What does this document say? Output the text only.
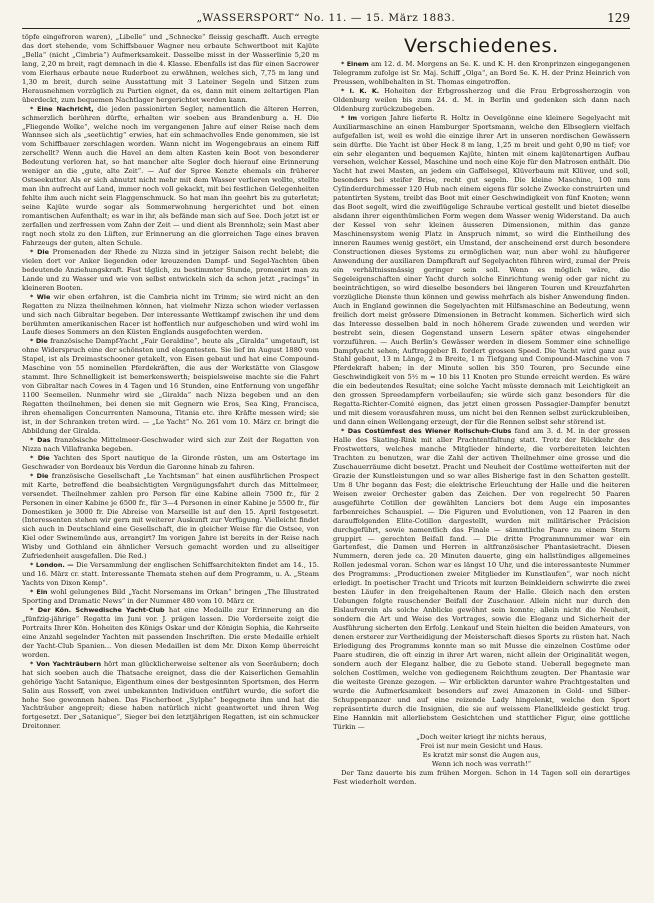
„WASSERSPORT“ No. 11. — 15. März 1883.	129

töpfe eingefroren waren), „Libelle“ und „Schnecke“ fleissig geschafft. Auch erregte das dort stehende, vom Schiffsbauer Wagner neu erbaute Schwertboot mit Kajüte „Bella“ (nicht „Cimbria“) Aufmerksamkeit. Dasselbe misst in der Wasserlinie 5,20 m lang, 2,20 m breit, ragt demnach in die 4. Klasse. Ebenfalls ist das für einen Sacrower vom Eierhaus erbaute neue Ruderboot zu erwähnen, welches sich, 7,75 m lang und 1,30 m breit, durch seine Ausstattung mit 3 Lateiner Segeln und Sitzen zum Herausnehmen vorzüglich zu Partien eignet, da es, dann mit einem zeltartigen Plan überdeckt, zum bequemen Nachtlager hergerichtet werden kann.

* Eine Nachricht, die jeden passionirten Segler, namentlich die älteren Herren, schmerzlich berühren dürfte, erhalten wir soeben aus Brandenburg a. H. Die „Fliegende Wolke“, welche noch im vergangenen Jahre auf einer Reise nach dem Wannsee sich als „seetüchtig“ erwies, hat ein schmachvolles Ende genommen, sie ist vom Schiffbauer zerschlagen worden. Wann nicht im Wogengebraus an einem Riff zerschellt? Wenn auch die Havel an dem alten Kasten kein Boot von besonderer Bedeutung verloren hat, so hat mancher alte Segler doch hierauf eine Erinnerung weniger an die „gute, alte Zeit“. — Auf der Spree Kenzte ehemals ein früherer Ostseekutter. Als er sich abnutzt nicht mehr mit dem Wasser verlieren wollte, stellte man ihn aufrecht auf Land, immer noch voll gekackt, mit bei festlichen Gelegenheiten fehlte ihm auch nicht sein Flaggenschmuck. So hat man ihn geehrt bis zu guterletzt; seine Kajüte wurde sogar als Sommerwohnung hergerichtet und bot einen romantischen Aufenthalt; es war in ihr, als befände man sich auf See. Doch jetzt ist er zerfallen und zerfressen vom Zahn der Zeit — und dient als Brennholz; sein Mast aber ragt noch stolz zu den Lüften, zur Erinnerung an die glorreichen Tage eines braven Fahrzeugs der guten, alten Schule.

* Die Promenaden der Rhede zu Nizza sind in jetziger Saison recht belebt; die vielen dort vor Anker liegenden oder kreuzenden Dampf- und Segel-Yachten üben bedeutende Anziehungskraft. Fast täglich, zu bestimmter Stunde, promenirt man zu Lande und zu Wasser und wie von selbst entwickeln sich da schon jetzt „racings“ in kleineren Booten.

* Wie wir eben erfahren, ist die Cambria nicht im Trimm; sie wird nicht an den Regatten zu Nizza theilnehmen können, hat vielmehr Nizza schon wieder verlassen und sich nach Gibraltar begeben. Der interessante Wettkampf zwischen ihr und dem berühmten amerikanischen Racer ist hoffentlich nur aufgeschoben und wird wohl im Laufe dieses Sommers an den Küsten Englands ausgefochten werden.

* Die französische Dampf-Yacht „Fair Geraldine“, heute als „Giralda“ umgetauft, ist ohne Widerspruch eine der schönsten und elegantesten. Sie lief im August 1880 vom Stapel, ist als Dreimastschooner getakelt, von Eisen gebaut und hat eine Compound-Maschine von 55 nominellen Pferdekräften, die aus der Werkstätte von Glasgow stammt. Ihre Schnelligkeit ist bemerkenswerth; beispielsweise machte sie die Fahrt von Gibraltar nach Cowes in 4 Tagen und 16 Stunden, eine Entfernung von ungefähr 1100 Seemeilen. Nunmehr wird sie „Giralda“ nach Nizza begeben und an den Regatten theilnehmen, bei denen sie mit Gegnern wie Eros, Sea King, Francisca, ihren ehemaligen Concurrenten Namouna, Titania etc. ihre Kräfte messen wird; sie ist, in der Schranken treten wird. — „Le Yacht“ No. 261 vom 10. März cr. bringt die Abbildung der Giralda.

* Das französische Mittelmeer-Geschwader wird sich zur Zeit der Regatten von Nizza nach Villafranka begeben.

* Die Yachten des Sport nautique de la Gironde rüsten, um am Ostertage im Geschwader von Bordeaux bis Verdun die Garonne hinab zu fahren.

* Die französische Gesellschaft „Le Yachtsman“ hat einen ausführlichen Prospect mit Karte, betreffend die beabsichtigten Vergnügungsfahrt durch das Mittelmeer, versendet. Theilnehmer zahlen pro Person für eine Kabine allein 7500 fr., für 2 Personen in einer Kabine je 6500 fr., für 3—4 Personen in einer Kabine je 5500 fr., für Domestiken je 3000 fr. Die Abreise von Marseille ist auf den 15. April festgesetzt. (Interessenten stehen wir gern mit weiterer Auskunft zur Verfügung. Vielleicht findet sich auch in Deutschland eine Gesellschaft, die in gleicher Weise für die Ostsee, von Kiel oder Swinemünde aus, arrangirt? Im vorigen Jahre ist bereits in der Reise nach Wisby und Gothland ein ähnlicher Versuch gemacht worden und zu allseitiger Zufriedenheit ausgefallen. Die Red.)

* London. — Die Versammlung der englischen Schiffsarchitekten findet am 14., 15. und 16. März cr. statt. Interessante Themata stehen auf dem Programm, u. A. „Steam Yachts von Dixon Kemp“.

* Ein wohl gelungenes Bild „Yacht Norsemans im Orkan“ bringen „The Illustrated Sporting and Dramatic News“ in der Nummer 480 vom 10. März cr.

* Der Kön. Schwedische Yacht-Club hat eine Medaille zur Erinnerung an die „fünfzig-jährige“ Regatta im Juni vor. J. prägen lassen. Die Vorderseite zeigt die Portraits Ihrer Kön. Hoheiten des Königs Oskar und der Königin Sophia, die Kehrseite eine Anzahl segelnder Yachten mit passenden Inschriften. Die erste Medaille erhielt der Yacht-Club Spanien... Von diesen Medaillen ist dem Mr. Dixon Kemp überreicht worden.

* Von Yachträubern hört man glücklicherweise seltener als von Seeräubern; doch hat sich soeben auch die Thatsache ereignet, dass die der Kaiserlichen Gemahlin gehörige Yacht Satanique, Eigenthum eines der bestgesinnten Sportsmen, des Herrn Salin aus Rosseff, von zwei unbekannten Individuen entführt wurde, die sofort die hohe See gewonnen haben. Das Fischerboot „Sylphe“ begegnete ihm und hat die Yachträuber angepreit; diese haben natürlich nicht geantwortet und ihren Weg fortgesetzt. Der „Satanique“, Sieger bei den letztjährigen Regatten, ist ein schmucker Dreitonner.

Verschiedenes.

* Einem am 12. d. M. Morgens an Se. K. und K. H. den Kronprinzen eingegangenen Telegramm zufolge ist Sr. Maj. Schiff „Olga“, an Bord Se. K. H. der Prinz Heinrich von Preussen, wohlbehalten in St. Thomas eingetroffen.

* I. K. K. Hoheiten der Erbgrossherzog und die Frau Erbgrossherzogin von Oldenburg weilen bis zum 24. d. M. in Berlin und gedenken sich dann nach Oldenburg zurückzubegeben.

* Im vorigen Jahre lieferte R. Holtz in Oevelgönne eine kleinere Segelyacht mit Auxiliarmaschine an einen Hamburger Sportsmann, welche den Elbseglern vielfach aufgefallen ist, weil es wohl die einzige ihrer Art in unseren nordischen Gewässern sein dürfte. Die Yacht ist über Heck 8 m lang, 1,25 m breit und geht 0,90 m tief; vor ein sehr eleganten und bequemen Kajüte, hinten mit einem kajütenartigen Aufbau versehen, welcher Kessel, Maschine und noch eine Koje für den Matrosen enthält. Die Yacht hat zwei Masten, an jedem ein Gaffelsegel, Klüverbaum mit Klüver, und soll, besonders bei steifer Brise, recht gut segeln. Die kleine Maschine, 100 mm Cylinderdurchmesser 120 Hub nach einem eigens für solche Zwecke construirten und patentirten System, treibt das Boot mit einer Geschwindigkeit von fünf Knoten; wenn das Boot segelt, wird die zweiflügelige Schraube vertical gestellt und bietet dieselbe alsdann ihrer eigenthümlichen Form wegen dem Wasser wenig Widerstand. Da auch der Kessel von sehr kleinen äusseren Dimensionen, mithin das ganze Maschinensystem wenig Platz in Anspruch nimmt, so wird die Eintheilung des inneren Raumes wenig gestört, ein Umstand, der anscheinend erst durch besondere Constructionen dieses Systems zu ermöglichen war, nun aber wohl zu häufigerer Anwendung der auxiliaren Dampfkraft auf Segelyachten führen wird, zumal der Preis ein verhältnissmässig geringer sein soll. Wenn es möglich wäre, die Segeleigenschaften einer Yacht durch solche Einrichtung wenig oder gar nicht zu beeinträchtigen, so wird dieselbe besonders bei längeren Touren und Kreuzfahrten vorzügliche Dienste thun können und gewiss mehrfach als bisher Anwendung finden. Auch in England gewinnen die Segelyachten mit Hilfsmaschine an Bedeutung, wenn freilich dort meist grössere Dimensionen in Betracht kommen. Sicherlich wird sich das Interesse desselben bald in noch höherem Grade zuwenden und werden wir bestrebt sein, diesen Gegenstand unsern Lesern später etwas eingehender vorzuführen. — Auch Berlin's Gewässer werden in diesem Sommer eine schnellige Dampfyacht sehen; Auftraggeber B. fordert grossen Speed. Die Yacht wird ganz aus Stahl gebaut, 13 m Länge, 2 m Breite, 1 m Tiefgang und Compound-Maschine von 7 Pferdekraft haben; in der Minute sollen bis 350 Touren, pro Secunde eine Geschwindigkeit von 5½ m = 10 bis 11 Knoten pro Stunde erreicht werden. Es wäre die ein bedeutendes Resultat; eine solche Yacht müsste demnach mit Leichtigkeit an den grossen Spreedampfern vorbeilaufen; sie würde sich ganz besonders für die Regatta-Richter-Comité eignen, das jetzt einen grossen Passagier-Dampfer benutzt und mit diesem vorausfahren muss, um nicht bei den Rennen selbst zurückzubleiben, und dann einen Wellengang erzeugt, der für die Rennen selbst sehr störend ist.

* Das Costümfest des Wiener Rollschuh-Clubs fand am 3. d. M. in der grossen Halle des Skating-Rink mit aller Prachtentfaltung statt. Trotz der Rückkehr des Frostwetters, welches manche Mitglieder hinderte, die vorbereiteten leichten Trachten zu benutzen, war die Zahl der activen Theilnehmer eine grosse und die Zuschauerräume dicht besetzt. Pracht und Neuheit der Costüme wetteiferten mit der Grazie der Kunstleistungen und so war alles Bisherige fast in den Schatten gestellt. Um 8 Uhr begann das Fest; die elektrische Erleuchtung der Halle und die heiteren Weisen zweier Orchester gaben das Zeichen. Der von regelrecht 50 Paaren ausgeführte Cotillon der gewählten Lanciers bot dem Auge ein imposantes farbenreiches Schauspiel. — Die Figuren und Evolutionen, von 12 Paaren in den darauffolgenden Elite-Cotillon dargestellt, wurden mit militärischer Präcision durchgeführt, sowie namentlich das Finale — sämmtliche Paare zu einem Stern gruppirt — gerechten Beifall fand. — Die dritte Programmnummer war ein Gartenfest, die Damen und Herren in altfranzösischer Phantasietracht. Diesen Nummern, deren jede ca. 20 Minuten dauerte, ging ein hallstündiges allgemeines Rollen jedesmal voran. Schon war es längst 10 Uhr, und die interessanteste Nummer des Programms: „Productionen zweier Mitglieder im Kunstlaufen“, war noch nicht erledigt. In poetischer Tracht und Tricots mit kurzen Beinkleidern schwirrte die zwei besten Läufer in den freigehaltenen Raum der Halle. Gleich nach den ersten Uebungen folgte rauschender Beifall der Zuschauer. Allein nicht nur durch den Eislaufverein als solche Anblicke gewöhnt sein konnte; allein nicht die Neuheit, sondern die Art und Weise des Vortrages, sowie die Eleganz und Sicherheit der Ausführung sicherten den Erfolg. Lenkauf und Stein hielten die beiden Amateurs, von denen ersterer zur Vertheidigung der Meisterschaft dieses Sports zu rüsten hat. Nach Erledigung des Programms konnte man so mit Musse die einzelnen Costüme oder Paare studiren, die oft einzig in ihrer Art waren, nicht allein der Originalität wegen, sondern auch der Eleganz halber, die zu Gebote stand. Ueberall begegnete man solchen Costümen, welche von gediegenem Reichthum zeugten. Der Phantasie war die weiteste Grenze gezogen. — Wir erblickten darunter wahre Prachtgestalten und wurde die Aufmerksamkeit besonders auf zwei Amazonen in Gold- und Silber-Schuppenpanzer und auf eine reizende Lady hingelenkt, welche den Sport repräsentirte durch die Insignien, die sie auf weissem Flanellkleide gestickt trug. Eine Hannkin mit allerliebstem Gesichtchen und stattlicher Figur, eine gottliche Türkin —

„Doch weiter kriegt ihr nichts heraus,
Frei ist nur mein Gesicht und Haus.
Es kratzt mir sonst die Augen aus,
Wenn ich noch was verrath!“

Der Tanz dauerte bis zum frühen Morgen. Schon in 14 Tagen soll ein derartiges Fest wiederholt werden.
